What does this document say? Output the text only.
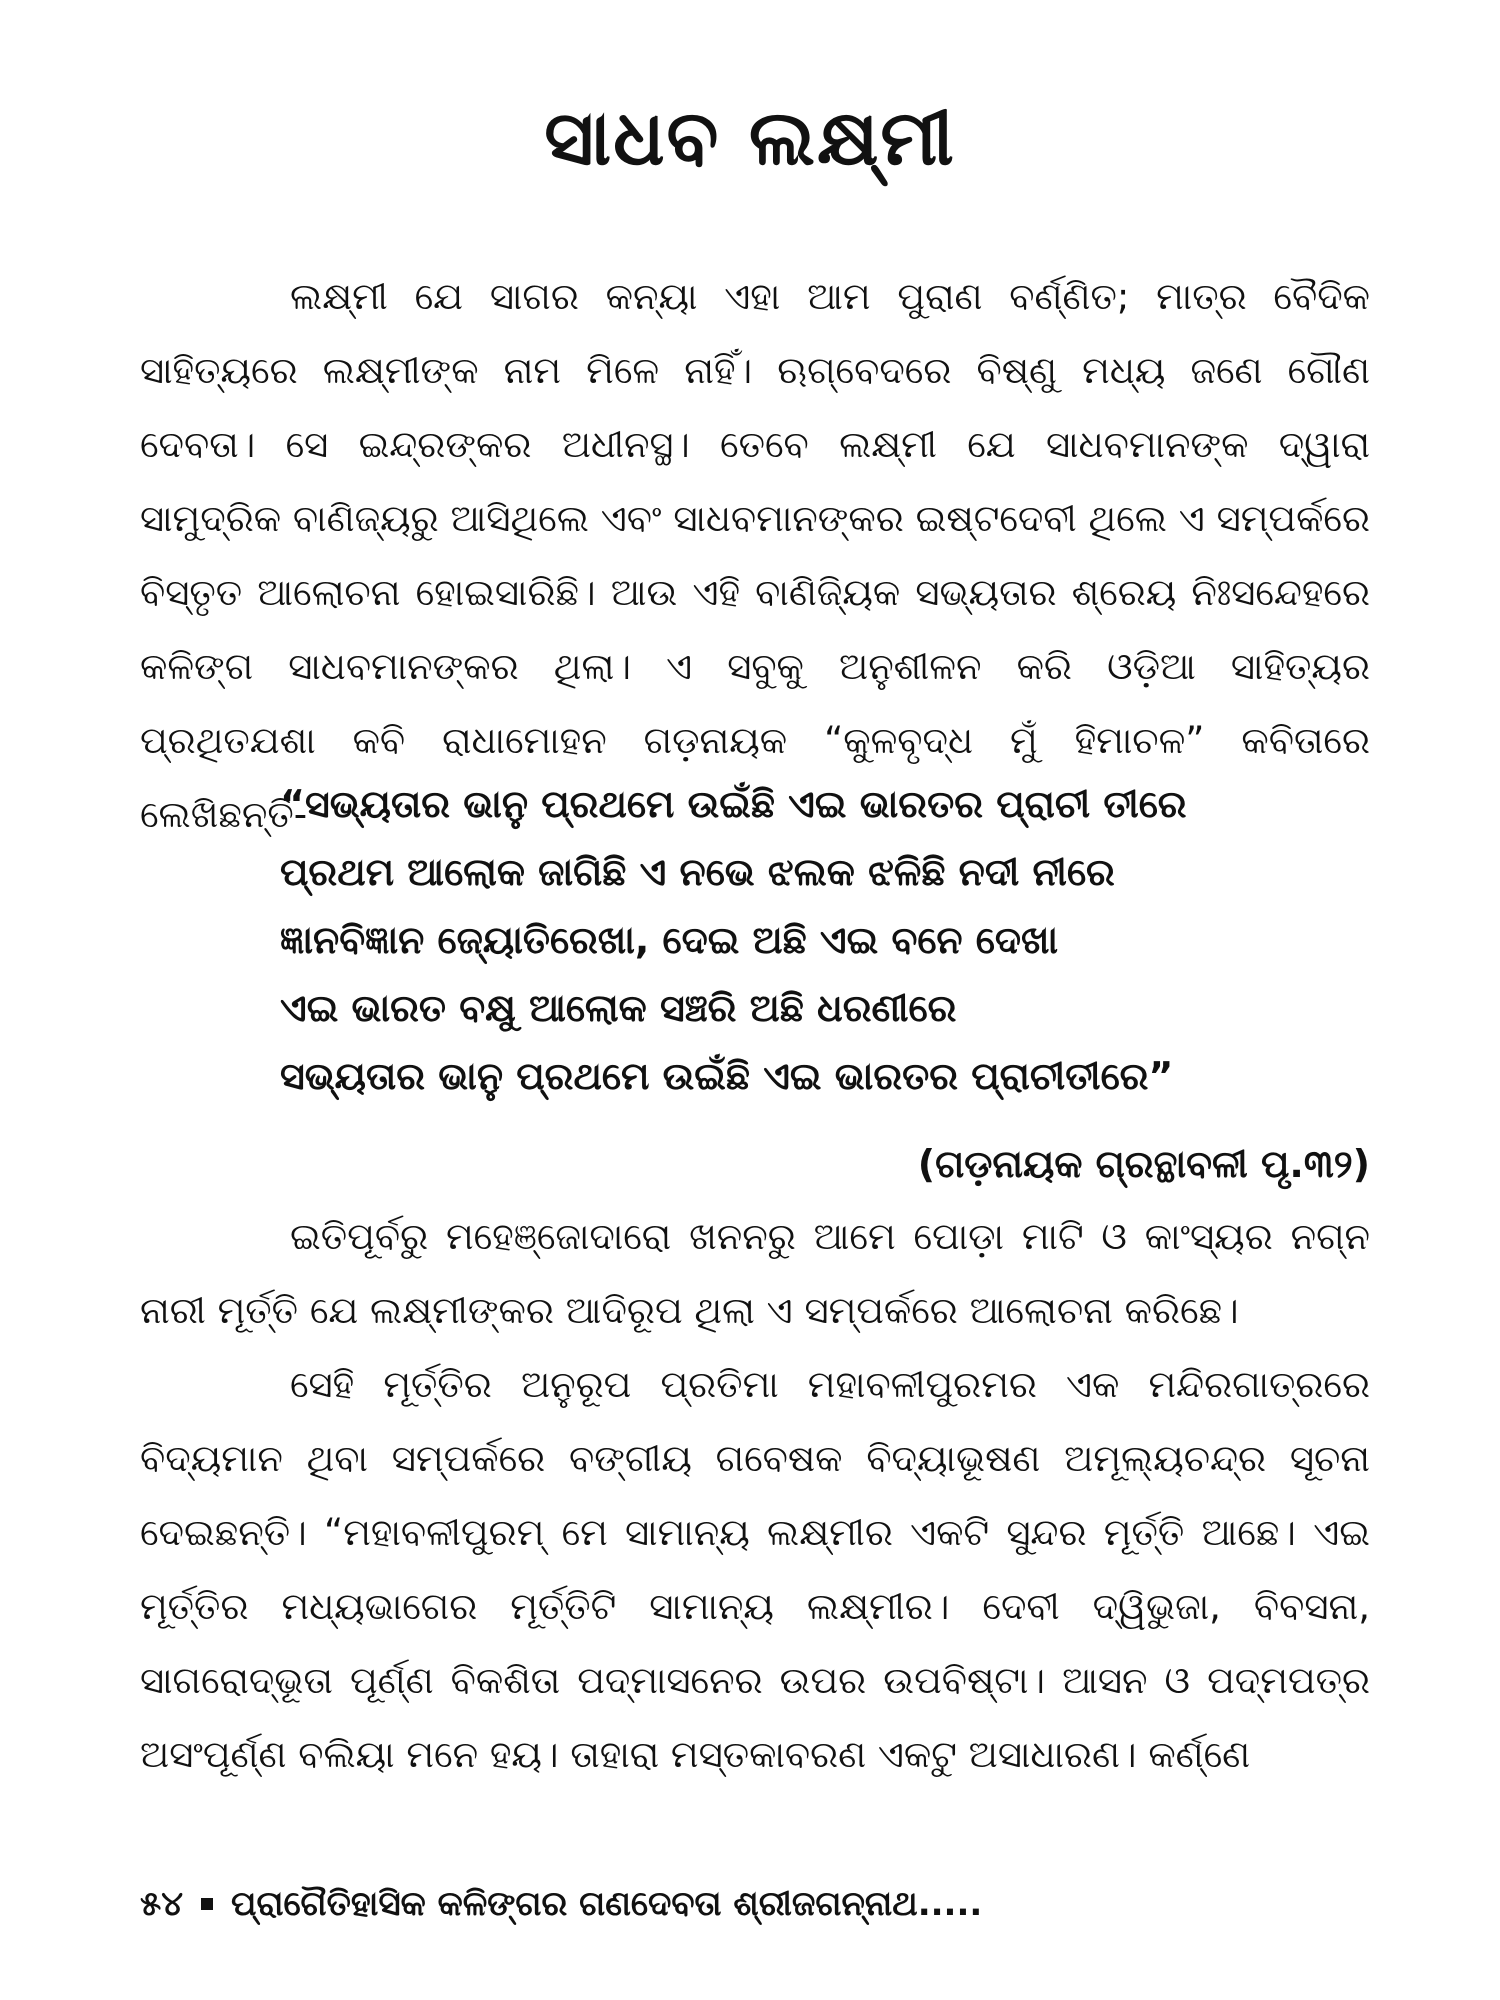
ସାଧବ ଲକ୍ଷ୍ମୀ

ଲକ୍ଷ୍ମୀ ଯେ ସାଗର କନ୍ୟା ଏହା ଆମ ପୁରାଣ ବର୍ଣ୍ଣିତ; ମାତ୍ର ବୈଦିକ ସାହିତ୍ୟରେ ଲକ୍ଷ୍ମୀଙ୍କ ନାମ ମିଳେ ନାହିଁ। ଋଗ୍‌ବେଦରେ ବିଷ୍ଣୁ ମଧ୍ୟ ଜଣେ ଗୌଣ ଦେବତା। ସେ ଇନ୍ଦ୍ରଙ୍କର ଅଧୀନସ୍ଥ। ତେବେ ଲକ୍ଷ୍ମୀ ଯେ ସାଧବମାନଙ୍କ ଦ୍ୱାରା ସାମୁଦ୍ରିକ ବାଣିଜ୍ୟରୁ ଆସିଥିଲେ ଏବଂ ସାଧବମାନଙ୍କର ଇଷ୍ଟଦେବୀ ଥିଲେ ଏ ସମ୍ପର୍କରେ ବିସ୍ତୃତ ଆଲୋଚନା ହୋଇସାରିଛି। ଆଉ ଏହି ବାଣିଜ୍ୟିକ ସଭ୍ୟତାର ଶ୍ରେୟ ନିଃସନ୍ଦେହରେ କଳିଙ୍ଗ ସାଧବମାନଙ୍କର ଥିଲା। ଏ ସବୁକୁ ଅନୁଶୀଳନ କରି ଓଡ଼ିଆ ସାହିତ୍ୟର ପ୍ରଥିତଯଶା କବି ରାଧାମୋହନ ଗଡ଼ନାୟକ “କୁଳବୃଦ୍ଧ ମୁଁ ହିମାଚଳ” କବିତାରେ ଲେଖିଛନ୍ତି-

“ସଭ୍ୟତାର ଭାନୁ ପ୍ରଥମେ ଉଇଁଛି ଏଇ ଭାରତର ପ୍ରାଚୀ ତୀରେ
ପ୍ରଥମ ଆଲୋକ ଜାଗିଛି ଏ ନଭେ ଝଲକ ଝଳିଛି ନଦୀ ନୀରେ
ଜ୍ଞାନବିଜ୍ଞାନ ଜ୍ୟୋତିରେଖା, ଦେଇ ଅଛି ଏଇ ବନେ ଦେଖା
ଏଇ ଭାରତ ବକ୍ଷୁ ଆଲୋକ ସଞ୍ଚରି ଅଛି ଧରଣୀରେ
ସଭ୍ୟତାର ଭାନୁ ପ୍ରଥମେ ଉଇଁଛି ଏଇ ଭାରତର ପ୍ରାଚୀତୀରେ”

(ଗଡ଼ନାୟକ ଗ୍ରନ୍ଥାବଳୀ ପୃ.୩୨)

ଇତିପୂର୍ବରୁ ମହେଞ୍ଜୋଦାରୋ ଖନନରୁ ଆମେ ପୋଡ଼ା ମାଟି ଓ କାଂସ୍ୟର ନଗ୍ନ ନାରୀ ମୂର୍ତ୍ତି ଯେ ଲକ୍ଷ୍ମୀଙ୍କର ଆଦିରୂପ ଥିଲା ଏ ସମ୍ପର୍କରେ ଆଲୋଚନା କରିଛେ।

ସେହି ମୂର୍ତ୍ତିର ଅନୁରୂପ ପ୍ରତିମା ମହାବଳୀପୁରମର ଏକ ମନ୍ଦିରଗାତ୍ରରେ ବିଦ୍ୟମାନ ଥିବା ସମ୍ପର୍କରେ ବଙ୍ଗୀୟ ଗବେଷକ ବିଦ୍ୟାଭୂଷଣ ଅମୂଲ୍ୟଚନ୍ଦ୍ର ସୂଚନା ଦେଇଛନ୍ତି। “ମହାବଳୀପୁରମ୍ ମେ ସାମାନ୍ୟ ଲକ୍ଷ୍ମୀର ଏକଟି ସୁନ୍ଦର ମୂର୍ତ୍ତି ଆଛେ। ଏଇ ମୂର୍ତ୍ତିର ମଧ୍ୟଭାଗେର ମୂର୍ତ୍ତିଟି ସାମାନ୍ୟ ଲକ୍ଷ୍ମୀର। ଦେବୀ ଦ୍ୱିଭୁଜା, ବିବସନା, ସାଗରୋଦ୍ଭୂତା ପୂର୍ଣ୍ଣ ବିକଶିତା ପଦ୍ମାସନେର ଉପର ଉପବିଷ୍ଟା। ଆସନ ଓ ପଦ୍ମପତ୍ର ଅସଂପୂର୍ଣ୍ଣ ବଲିୟା ମନେ ହୟ। ତାହାରା ମସ୍ତକାବରଣ ଏକଟୁ ଅସାଧାରଣ। କର୍ଣ୍ଣେ

୫୪ ପ୍ରାଗୈତିହାସିକ କଳିଙ୍ଗର ଗଣଦେବତା ଶ୍ରୀଜଗନ୍ନାଥ.....
